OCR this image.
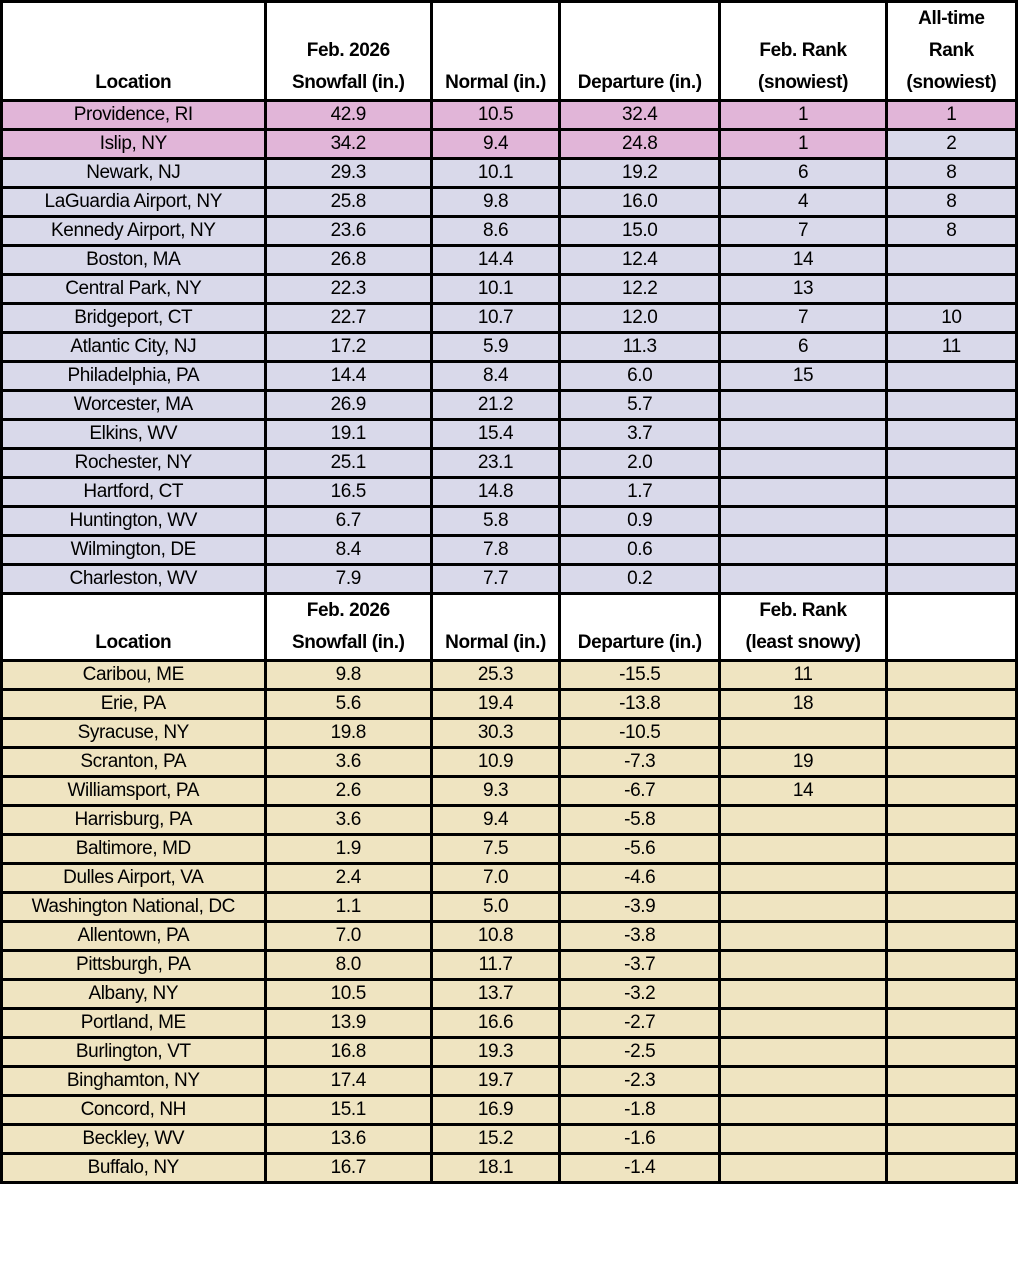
Location	Feb. 2026
Snowfall (in.)	Normal (in.)	Departure (in.)	Feb. Rank
(snowiest)	All-time
Rank
(snowiest)
Providence, RI	42.9	10.5	32.4	1	1
Islip, NY	34.2	9.4	24.8	1	2
Newark, NJ	29.3	10.1	19.2	6	8
LaGuardia Airport, NY	25.8	9.8	16.0	4	8
Kennedy Airport, NY	23.6	8.6	15.0	7	8
Boston, MA	26.8	14.4	12.4	14	
Central Park, NY	22.3	10.1	12.2	13	
Bridgeport, CT	22.7	10.7	12.0	7	10
Atlantic City, NJ	17.2	5.9	11.3	6	11
Philadelphia, PA	14.4	8.4	6.0	15	
Worcester, MA	26.9	21.2	5.7		
Elkins, WV	19.1	15.4	3.7		
Rochester, NY	25.1	23.1	2.0		
Hartford, CT	16.5	14.8	1.7		
Huntington, WV	6.7	5.8	0.9		
Wilmington, DE	8.4	7.8	0.6		
Charleston, WV	7.9	7.7	0.2		
Location	Feb. 2026
Snowfall (in.)	Normal (in.)	Departure (in.)	Feb. Rank
(least snowy)	
Caribou, ME	9.8	25.3	-15.5	11	
Erie, PA	5.6	19.4	-13.8	18	
Syracuse, NY	19.8	30.3	-10.5		
Scranton, PA	3.6	10.9	-7.3	19	
Williamsport, PA	2.6	9.3	-6.7	14	
Harrisburg, PA	3.6	9.4	-5.8		
Baltimore, MD	1.9	7.5	-5.6		
Dulles Airport, VA	2.4	7.0	-4.6		
Washington National, DC	1.1	5.0	-3.9		
Allentown, PA	7.0	10.8	-3.8		
Pittsburgh, PA	8.0	11.7	-3.7		
Albany, NY	10.5	13.7	-3.2		
Portland, ME	13.9	16.6	-2.7		
Burlington, VT	16.8	19.3	-2.5		
Binghamton, NY	17.4	19.7	-2.3		
Concord, NH	15.1	16.9	-1.8		
Beckley, WV	13.6	15.2	-1.6		
Buffalo, NY	16.7	18.1	-1.4		
